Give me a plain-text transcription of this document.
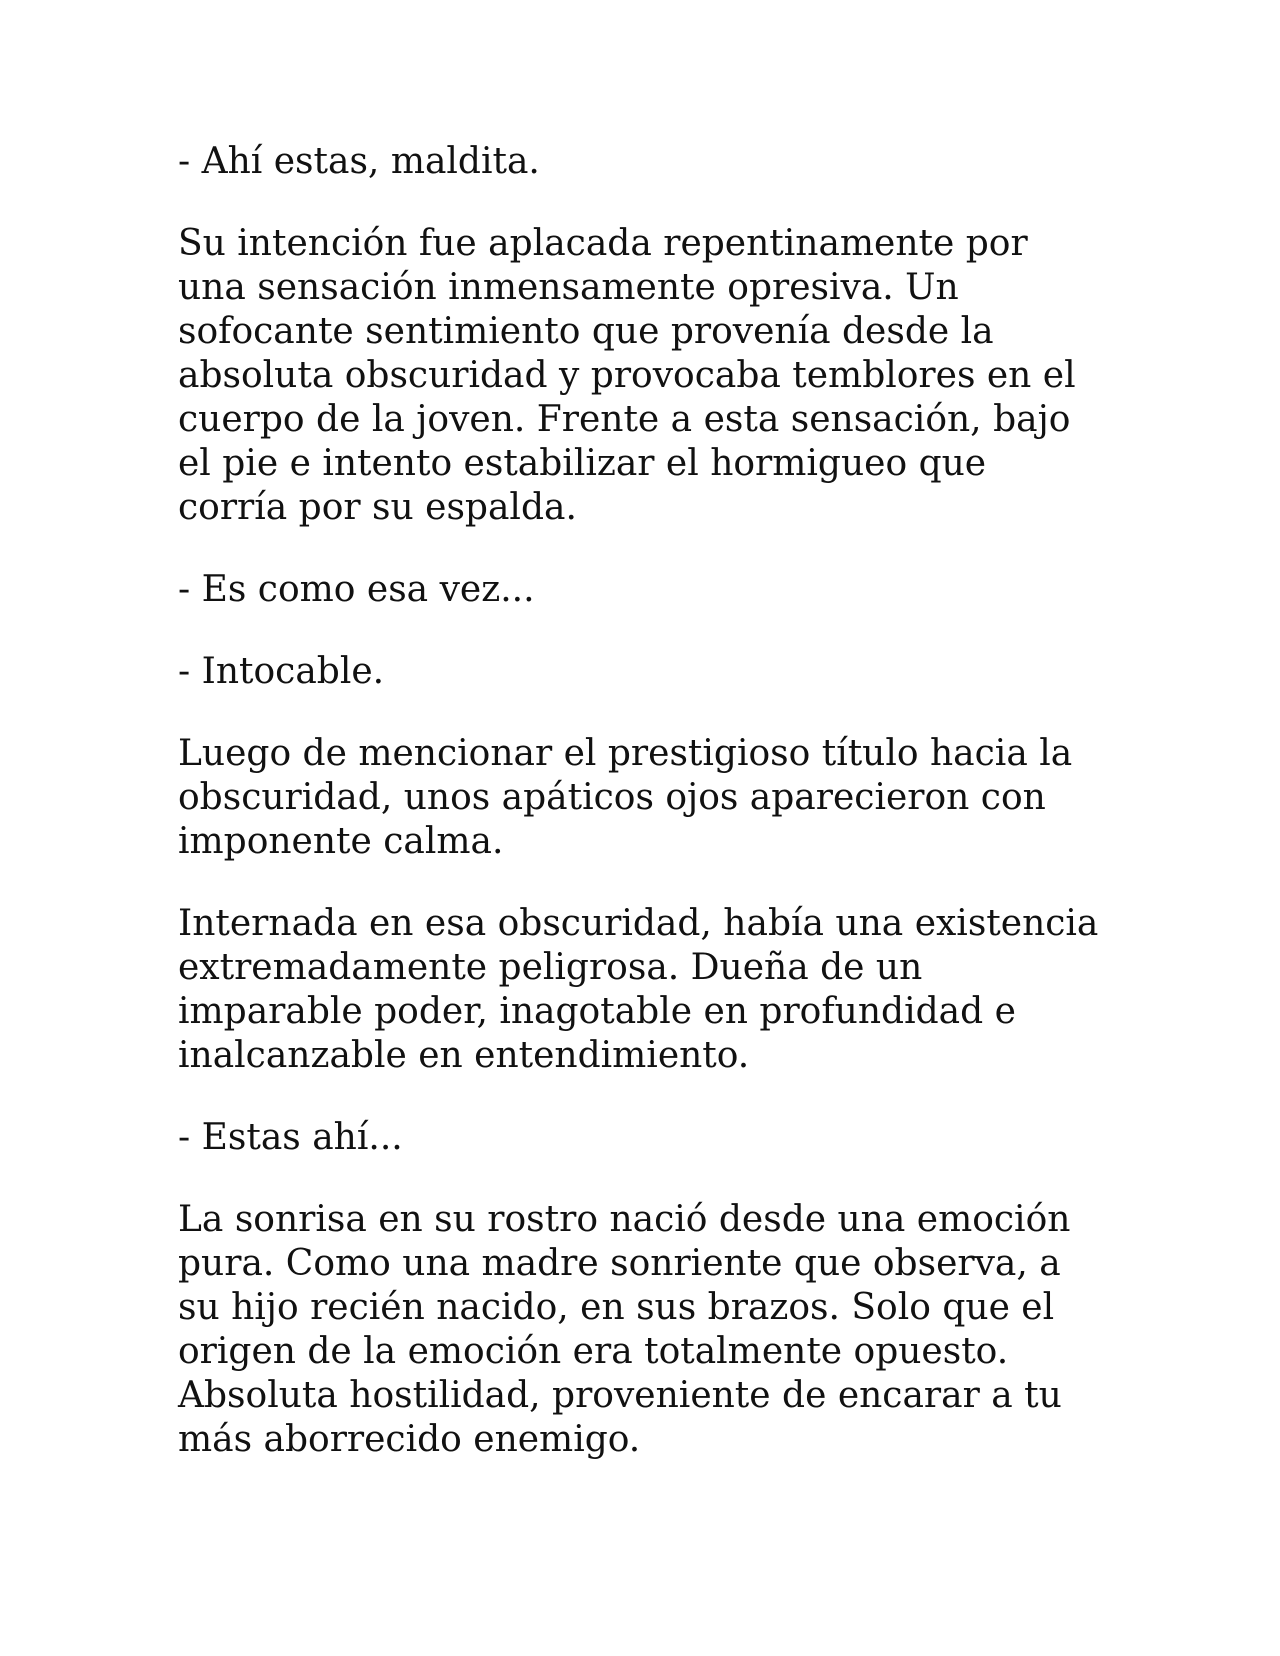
- Ahí estas, maldita.

Su intención fue aplacada repentinamente por
una sensación inmensamente opresiva. Un
sofocante sentimiento que provenía desde la
absoluta obscuridad y provocaba temblores en el
cuerpo de la joven. Frente a esta sensación, bajo
el pie e intento estabilizar el hormigueo que
corría por su espalda.

- Es como esa vez...

- Intocable.

Luego de mencionar el prestigioso título hacia la
obscuridad, unos apáticos ojos aparecieron con
imponente calma.

Internada en esa obscuridad, había una existencia
extremadamente peligrosa. Dueña de un
imparable poder, inagotable en profundidad e
inalcanzable en entendimiento.

- Estas ahí...

La sonrisa en su rostro nació desde una emoción
pura. Como una madre sonriente que observa, a
su hijo recién nacido, en sus brazos. Solo que el
origen de la emoción era totalmente opuesto.
Absoluta hostilidad, proveniente de encarar a tu
más aborrecido enemigo.
